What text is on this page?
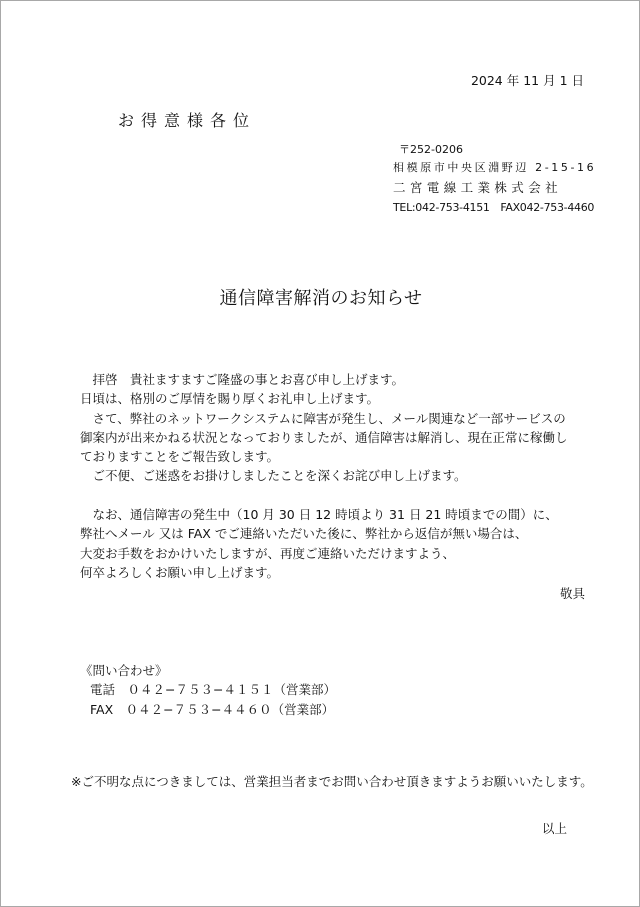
2024 年 11 月 1 日
お得意様各位
〒252-0206
相模原市中央区淵野辺 2-15-16
二宮電線工業株式会社
TEL:042-753-4151　FAX042-753-4460
通信障害解消のお知らせ

　拝啓　貴社ますますご隆盛の事とお喜び申し上げます。

日頃は、格別のご厚情を賜り厚くお礼申し上げます。

　さて、弊社のネットワークシステムに障害が発生し、メール関連など一部サービスの

御案内が出来かねる状況となっておりましたが、通信障害は解消し、現在正常に稼働し

ておりますことをご報告致します。

　ご不便、ご迷惑をお掛けしましたことを深くお詫び申し上げます。

　なお、通信障害の発生中（10 月 30 日 12 時頃より 31 日 21 時頃までの間）に、

弊社へメール 又は FAX でご連絡いただいた後に、弊社から返信が無い場合は、

大変お手数をおかけいたしますが、再度ご連絡いただけますよう、

何卒よろしくお願い申し上げます。

敬具

《問い合わせ》

電話　０４２−７５３−４１５１（営業部）

FAX　０４２−７５３−４４６０（営業部）

※ご不明な点につきましては、営業担当者までお問い合わせ頂きますようお願いいたします。
以上
